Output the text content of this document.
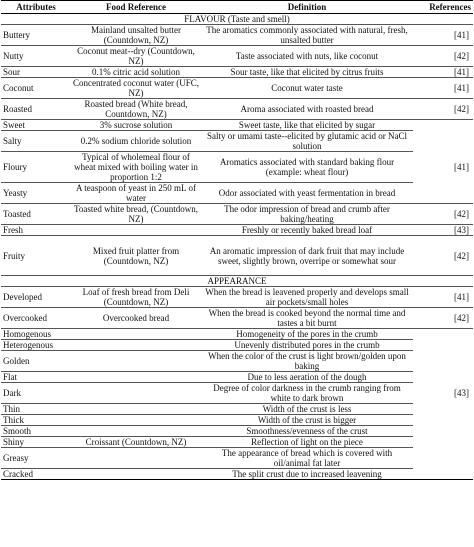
Attributes	Food Reference	Definition	References
FLAVOUR (Taste and smell)			
Buttery	Mainland unsalted butter (Countdown, NZ)	The aromatics commonly associated with natural, fresh, unsalted butter	[41]
Nutty	Coconut meat--dry (Countdown, NZ)	Taste associated with nuts, like coconut	[42]
Sour	0.1% citric acid solution	Sour taste, like that elicited by citrus fruits	[41]
Coconut	Concentrated coconut water (UFC, NZ)	Coconut water taste	[41]
Roasted	Roasted bread (White bread, Countdown, NZ)	Aroma associated with roasted bread	[42]
Sweet	3% sucrose solution	Sweet taste, like that elicited by sugar	
Salty	0.2% sodium chloride solution	Salty or umami taste--elicited by glutamic acid or NaCl solution	
Floury	Typical of wholemeal flour of wheat mixed with boiling water in proportion 1:2	Aromatics associated with standard baking flour (example: wheat flour)	[41]
Yeasty	A teaspoon of yeast in 250 mL of water	Odor associated with yeast fermentation in bread	
Toasted	Toasted white bread, (Countdown, NZ)	The odor impression of bread and crumb after baking/heating	[42]
Fresh		Freshly or recently baked bread loaf	[43]
Fruity	Mixed fruit platter from (Countdown, NZ)	An aromatic impression of dark fruit that may include sweet, slightly brown, overripe or somewhat sour	[42]
APPEARANCE			
Developed	Loaf of fresh bread from Deli (Countdown, NZ)	When the bread is leavened properly and develops small air pockets/small holes	[41]
Overcooked	Overcooked bread	When the bread is cooked beyond the normal time and tastes a bit burnt	[42]
Homogenous		Homogeneity of the pores in the crumb	
Heterogenous		Unevenly distributed pores in the crumb	
Golden		When the color of the crust is light brown/golden upon baking	
Flat		Due to less aeration of the dough	
Dark		Degree of color darkness in the crumb ranging from white to dark brown	[43]
Thin		Width of the crust is less	
Thick		Width of the crust is bigger	
Smooth		Smoothness/evenness of the crust	
Shiny	Croissant (Countdown, NZ)	Reflection of light on the piece	
Greasy		The appearance of bread which is covered with oil/animal fat later	
Cracked		The split crust due to increased leavening	
